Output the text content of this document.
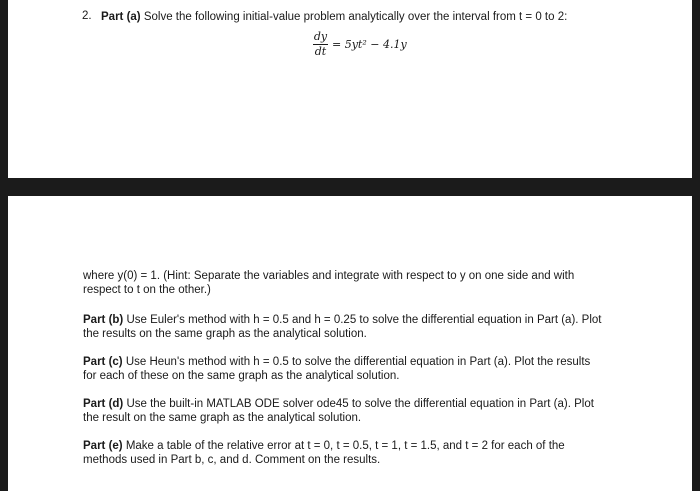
2. Part (a) Solve the following initial-value problem analytically over the interval from t = 0 to 2:
$\frac{dy}{dt} = 5yt^2 - 4.1y$
where y(0) = 1. (Hint: Separate the variables and integrate with respect to y on one side and with
respect to t on the other.)
Part (b) Use Euler's method with h = 0.5 and h = 0.25 to solve the differential equation in Part (a). Plot
the results on the same graph as the analytical solution.
Part (c) Use Heun's method with h = 0.5 to solve the differential equation in Part (a). Plot the results
for each of these on the same graph as the analytical solution.
Part (d) Use the built-in MATLAB ODE solver ode45 to solve the differential equation in Part (a). Plot
the result on the same graph as the analytical solution.
Part (e) Make a table of the relative error at t = 0, t = 0.5, t = 1, t = 1.5, and t = 2 for each of the
methods used in Part b, c, and d. Comment on the results.
